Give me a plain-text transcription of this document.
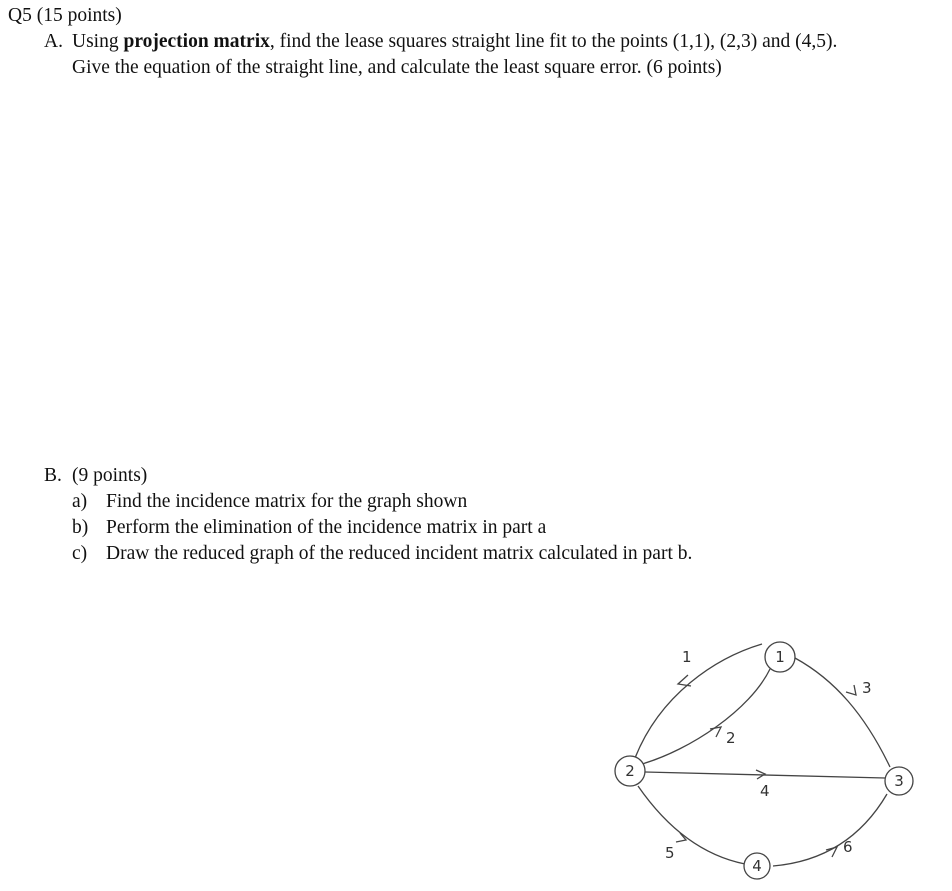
Q5 (15 points)
A. Using projection matrix, find the lease squares straight line fit to the points (1,1), (2,3) and (4,5).
Give the equation of the straight line, and calculate the least square error. (6 points)
B. (9 points)
a) Find the incidence matrix for the graph shown
b) Perform the elimination of the incidence matrix in part a
c) Draw the reduced graph of the reduced incident matrix calculated in part b.
1
2
3
4
1
2
3
4
5	6
